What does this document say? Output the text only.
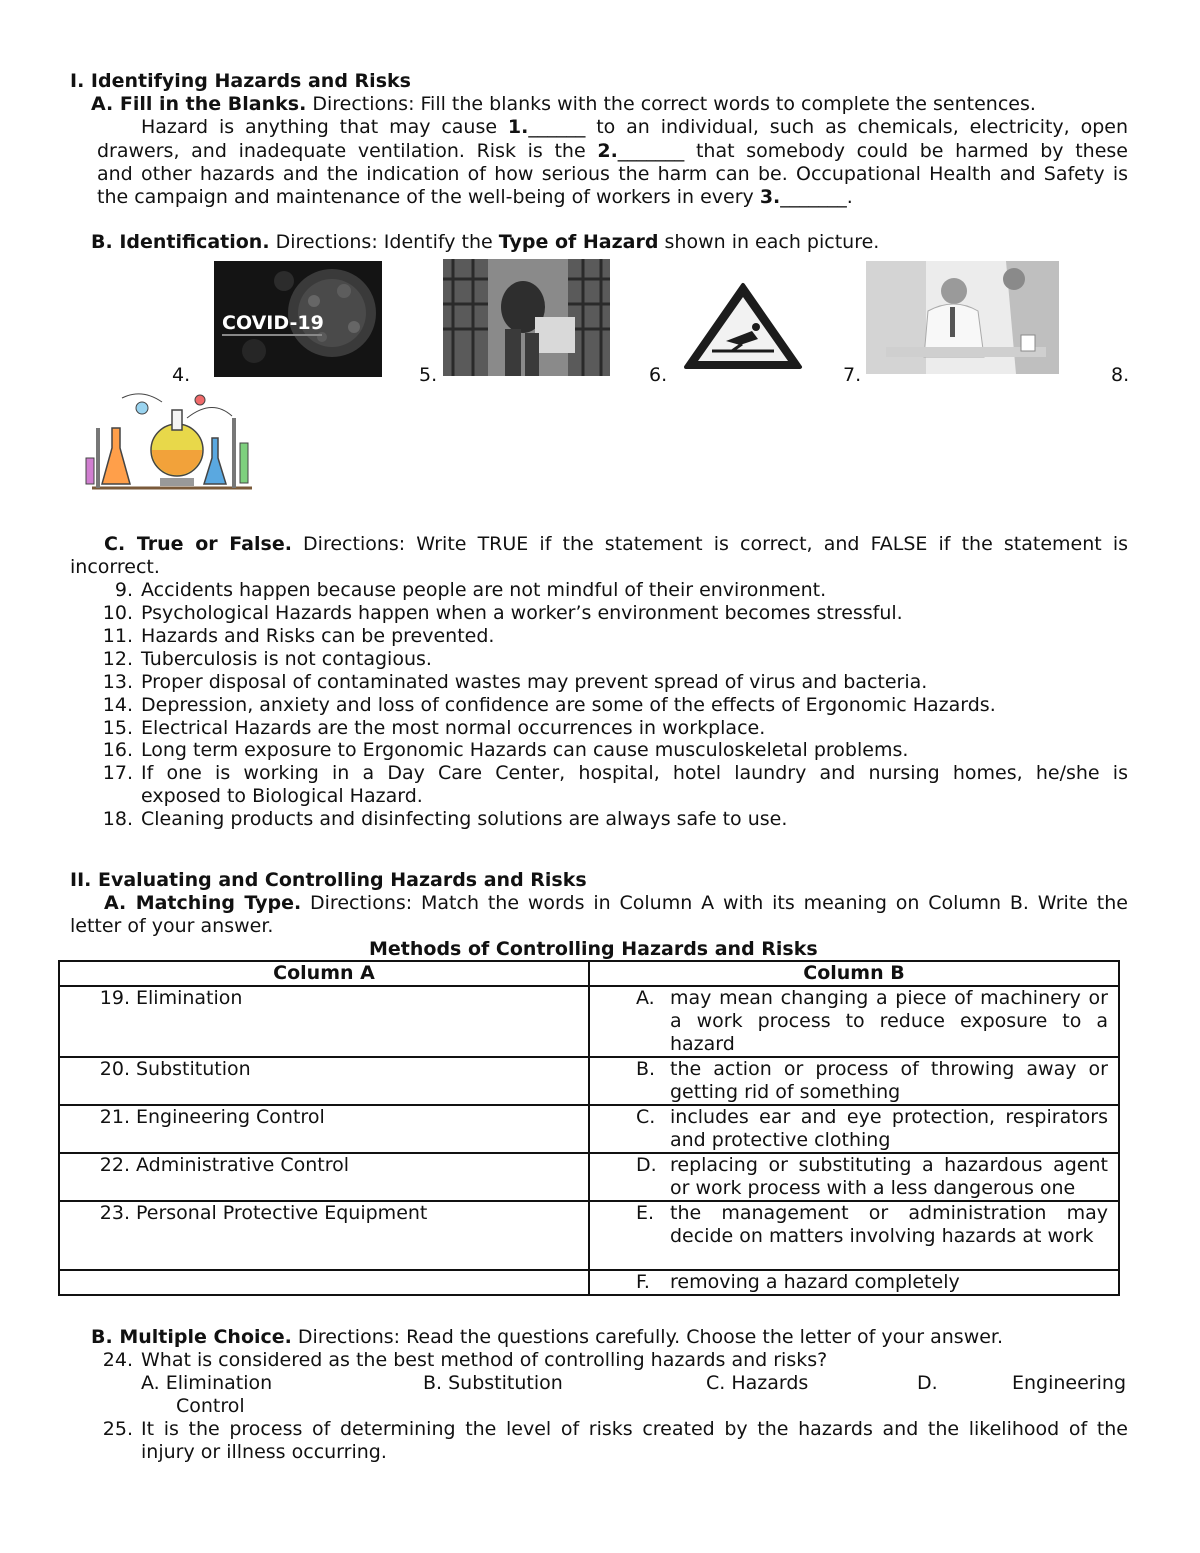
I. Identifying Hazards and Risks
A. Fill in the Blanks. Directions: Fill the blanks with the correct words to complete the sentences.
Hazard is anything that may cause 1.______ to an individual, such as chemicals, electricity, open
drawers, and inadequate ventilation. Risk is the 2._______ that somebody could be harmed by these
and other hazards and the indication of how serious the harm can be. Occupational Health and Safety is
the campaign and maintenance of the well-being of workers in every 3._______.
B. Identification. Directions: Identify the Type of Hazard shown in each picture.
COVID-19
4.	5.	6.	7.	8.
C. True or False. Directions: Write TRUE if the statement is correct, and FALSE if the statement is
incorrect.
9. Accidents happen because people are not mindful of their environment.
10. Psychological Hazards happen when a worker’s environment becomes stressful.
11. Hazards and Risks can be prevented.
12. Tuberculosis is not contagious.
13. Proper disposal of contaminated wastes may prevent spread of virus and bacteria.
14. Depression, anxiety and loss of confidence are some of the effects of Ergonomic Hazards.
15. Electrical Hazards are the most normal occurrences in workplace.
16. Long term exposure to Ergonomic Hazards can cause musculoskeletal problems.
17. If one is working in a Day Care Center, hospital, hotel laundry and nursing homes, he/she is
exposed to Biological Hazard.
18. Cleaning products and disinfecting solutions are always safe to use.
II. Evaluating and Controlling Hazards and Risks
A. Matching Type. Directions: Match the words in Column A with its meaning on Column B. Write the
letter of your answer.
Methods of Controlling Hazards and Risks
Column A	Column B

19. Elimination	A. may mean changing a piece of machinery or a work process to reduce exposure to a hazard

20. Substitution	B. the action or process of throwing away or getting rid of something

21. Engineering Control	C. includes ear and eye protection, respirators and protective clothing

22. Administrative Control	D. replacing or substituting a hazardous agent or work process with a less dangerous one

23. Personal Protective Equipment	E. the management or administration may decide on matters involving hazards at work

	F. removing a hazard completely
B. Multiple Choice. Directions: Read the questions carefully. Choose the letter of your answer.
24. What is considered as the best method of controlling hazards and risks?
A. Elimination	B. Substitution	C. Hazards	D.	Engineering
Control
25. It is the process of determining the level of risks created by the hazards and the likelihood of the
injury or illness occurring.
